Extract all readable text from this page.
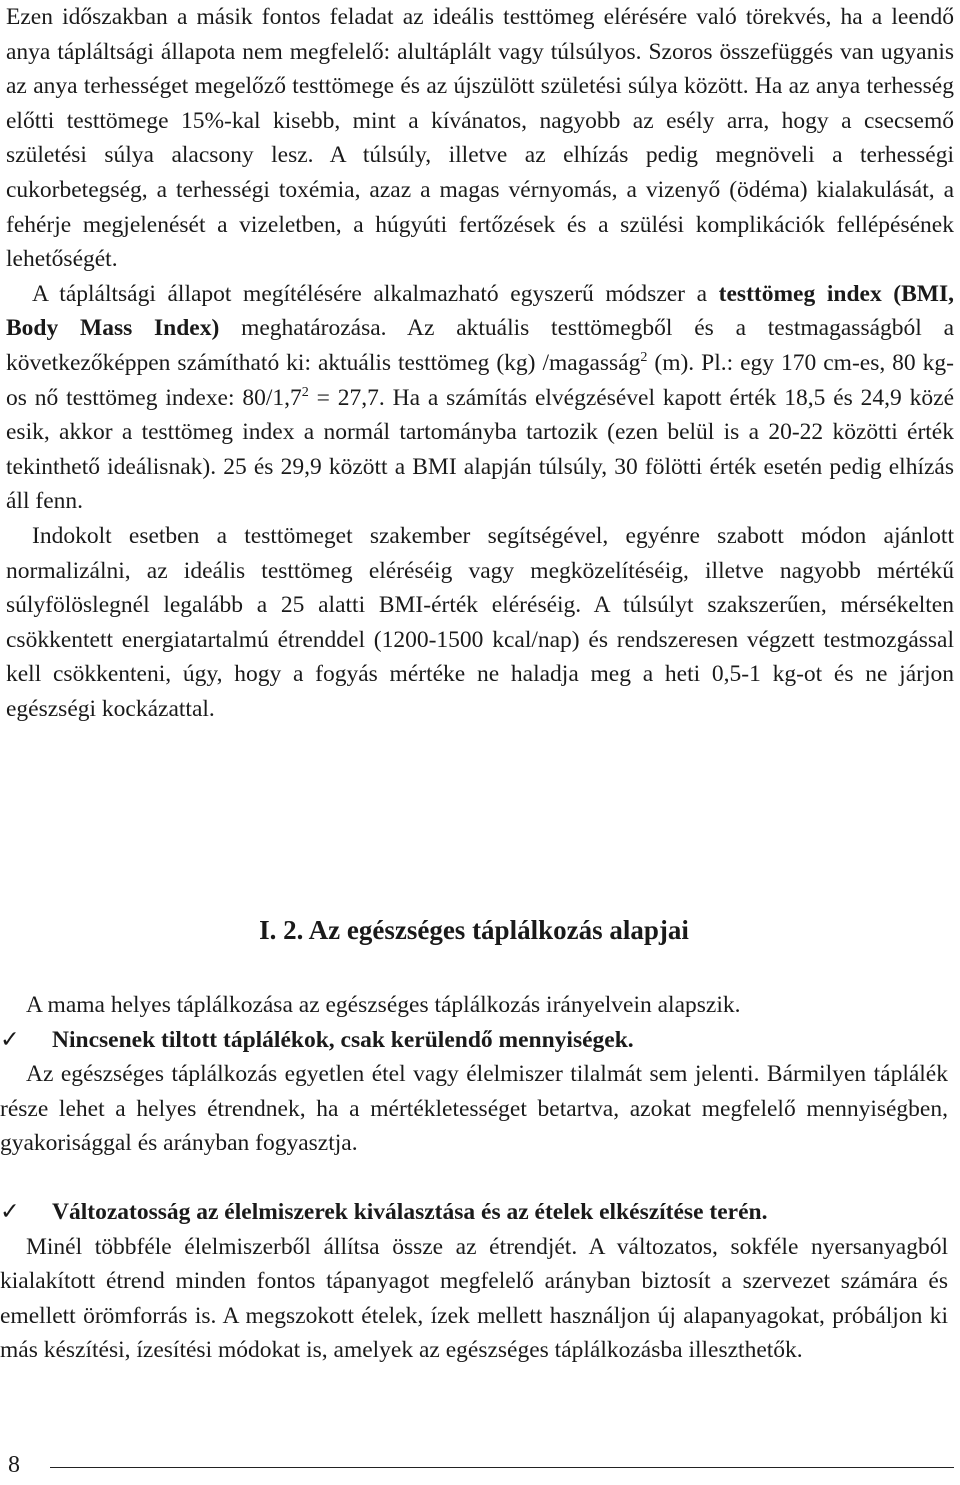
Ezen időszakban a másik fontos feladat az ideális testtömeg elérésére való törekvés, ha a leendő anya tápláltsági állapota nem megfelelő: alultáplált vagy túlsúlyos. Szoros összefüggés van ugyanis az anya terhességet megelőző testtömege és az újszülött születési súlya között. Ha az anya terhesség előtti testtömege 15%-kal kisebb, mint a kívánatos, nagyobb az esély arra, hogy a csecsemő születési súlya alacsony lesz. A túlsúly, illetve az elhízás pedig megnöveli a terhességi cukorbetegség, a terhességi toxémia, azaz a magas vérnyomás, a vizenyő (ödéma) kialakulását, a fehérje megjelenését a vizeletben, a húgyúti fertőzések és a szülési komplikációk fellépésének lehetőségét.

A tápláltsági állapot megítélésére alkalmazható egyszerű módszer a testtömeg index (BMI, Body Mass Index) meghatározása. Az aktuális testtömegből és a testmagasságból a következőképpen számítható ki: aktuális testtömeg (kg) /magasság$^2$ (m). Pl.: egy 170 cm-es, 80 kg-os nő testtömeg indexe: $80/1,7^2 = 27,7$. Ha a számítás elvégzésével kapott érték 18,5 és 24,9 közé esik, akkor a testtömeg index a normál tartományba tartozik (ezen belül is a 20-22 közötti érték tekinthető ideálisnak). 25 és 29,9 között a BMI alapján túlsúly, 30 fölötti érték esetén pedig elhízás áll fenn.

Indokolt esetben a testtömeget szakember segítségével, egyénre szabott módon ajánlott normalizálni, az ideális testtömeg eléréséig vagy megközelítéséig, illetve nagyobb mértékű súlyfölöslegnél legalább a 25 alatti BMI-érték eléréséig. A túlsúlyt szakszerűen, mérsékelten csökkentett energiatartalmú étrenddel (1200-1500 kcal/nap) és rendszeresen végzett testmozgással kell csökkenteni, úgy, hogy a fogyás mértéke ne haladja meg a heti 0,5-1 kg-ot és ne járjon egészségi kockázattal.

I. 2. Az egészséges táplálkozás alapjai

A mama helyes táplálkozása az egészséges táplálkozás irányelvein alapszik.

✓ Nincsenek tiltott táplálékok, csak kerülendő mennyiségek.

Az egészséges táplálkozás egyetlen étel vagy élelmiszer tilalmát sem jelenti. Bármilyen táplálék része lehet a helyes étrendnek, ha a mértékletességet betartva, azokat megfelelő mennyiségben, gyakorisággal és arányban fogyasztja.

✓ Változatosság az élelmiszerek kiválasztása és az ételek elkészítése terén.

Minél többféle élelmiszerből állítsa össze az étrendjét. A változatos, sokféle nyersanyagból kialakított étrend minden fontos tápanyagot megfelelő arányban biztosít a szervezet számára és emellett örömforrás is. A megszokott ételek, ízek mellett használjon új alapanyagokat, próbáljon ki más készítési, ízesítési módokat is, amelyek az egészséges táplálkozásba illeszthetők.

8
